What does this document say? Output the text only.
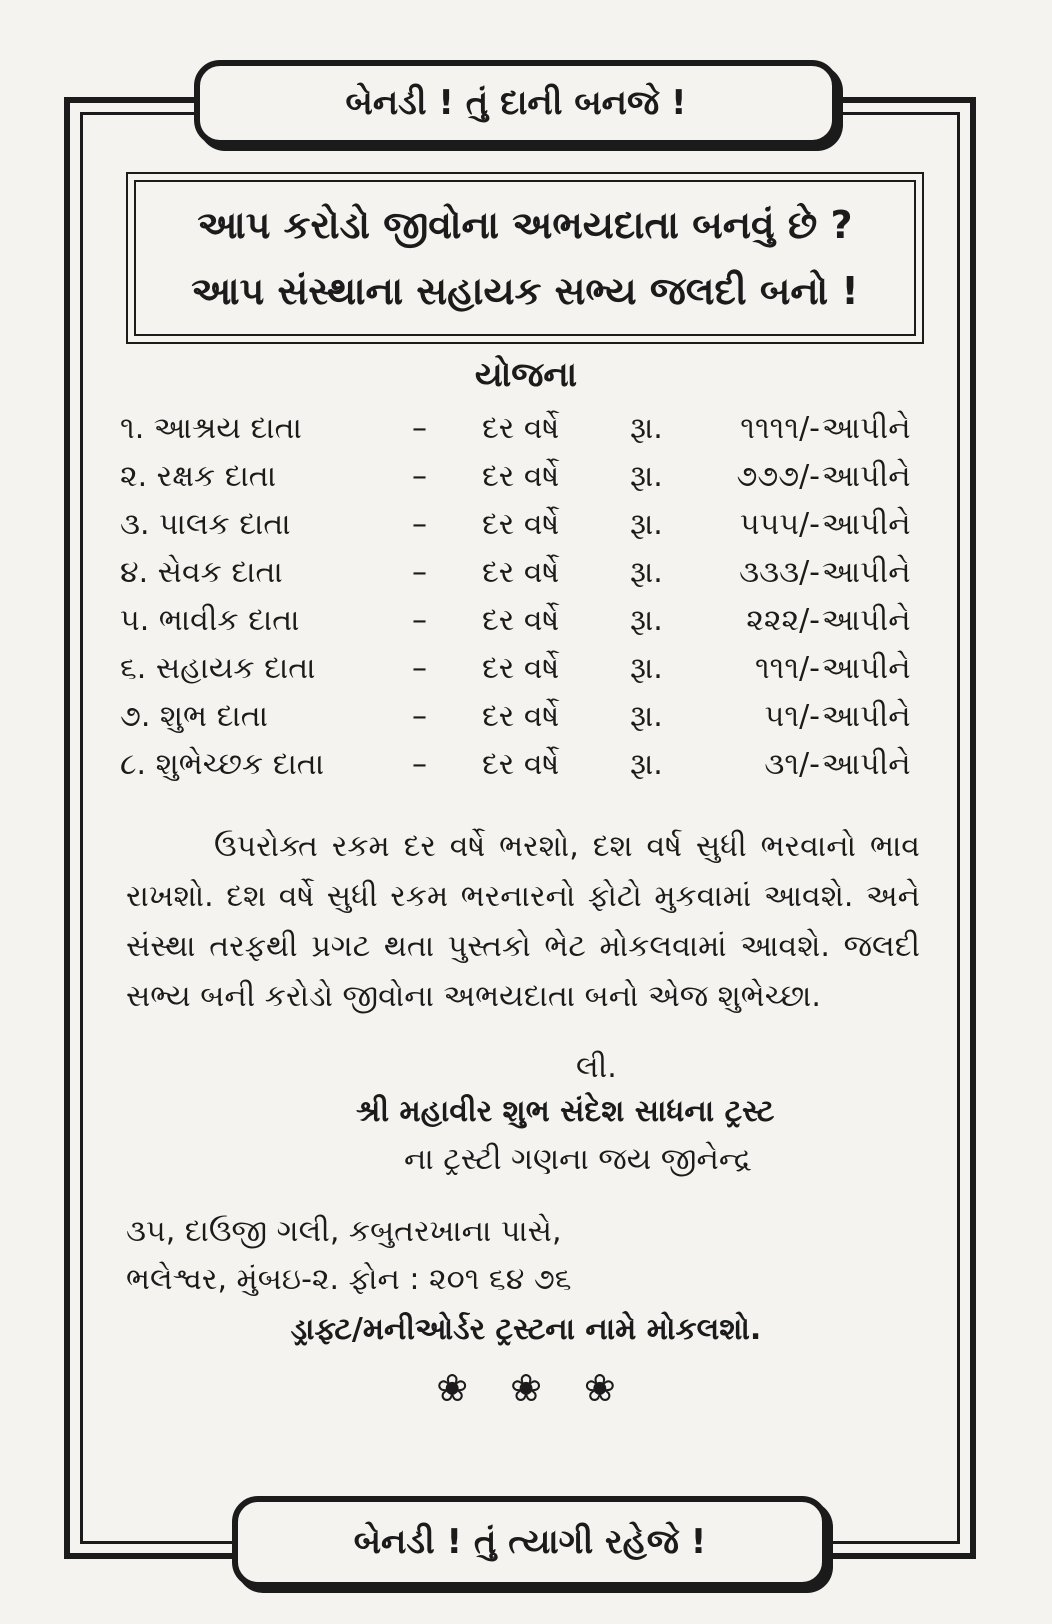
બેનડી ! તું દાની બનજે !
આપ કરોડો જીવોના અભયદાતા બનવું છે ?
આપ સંસ્થાના સહાયક સભ્ય જલદી બનો !
યોજના
૧. આશ્રય દાતા	– દર વર્ષે રૂા.	૧૧૧૧/- આપીને
૨. રક્ષક દાતા	– દર વર્ષે રૂા.	૭૭૭/- આપીને
૩. પાલક દાતા	– દર વર્ષે રૂા.	૫૫૫/- આપીને
૪. સેવક દાતા	– દર વર્ષે રૂા.	૩૩૩/- આપીને
૫. ભાવીક દાતા	– દર વર્ષે રૂા.	૨૨૨/- આપીને
૬. સહાયક દાતા	– દર વર્ષે રૂા.	૧૧૧/- આપીને
૭. શુભ દાતા	– દર વર્ષે રૂા.	૫૧/- આપીને
૮. શુભેચ્છક દાતા	– દર વર્ષે રૂા.	૩૧/- આપીને
ઉપરોક્ત રકમ દર વર્ષે ભરશો, દશ વર્ષ સુધી ભરવાનો ભાવ રાખશો. દશ વર્ષે સુધી રકમ ભરનારનો ફોટો મુકવામાં આવશે. અને સંસ્થા તરફથી પ્રગટ થતા પુસ્તકો ભેટ મોકલવામાં આવશે. જલદી સભ્ય બની કરોડો જીવોના અભયદાતા બનો એજ શુભેચ્છા.
લી.
શ્રી મહાવીર શુભ સંદેશ સાધના ટ્રસ્ટ
ના ટ્રસ્ટી ગણના જય જીનેન્દ્ર
૩૫, દાઉજી ગલી, કબુતરખાના પાસે,
ભલેશ્વર, મુંબઇ-૨. ફોન : ૨૦૧ ૬૪ ૭૬
ડ્રાફ્ટ/મનીઓર્ડર ટ્રસ્ટના નામે મોકલશો.
❀❀❀
બેનડી ! તું ત્યાગી રહેજે !
